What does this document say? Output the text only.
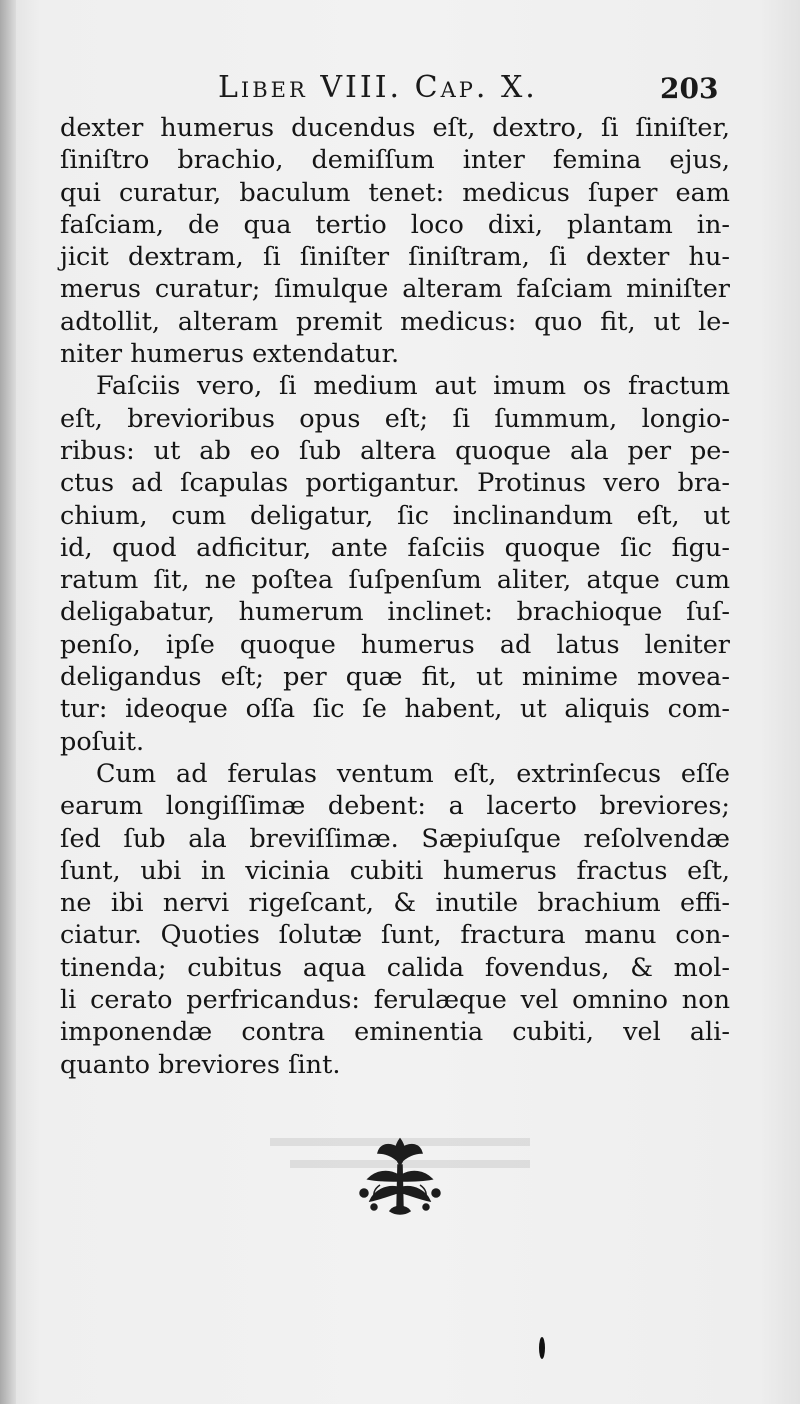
Liber VIII. Cap. X.	203
dexter humerus ducendus eſt, dextro, ſi ſiniſter,
ſiniſtro brachio, demiſſum inter femina ejus,
qui curatur, baculum tenet: medicus ſuper eam
faſciam, de qua tertio loco dixi, plantam in-
jicit dextram, ſi ſiniſter ſiniſtram, ſi dexter hu-
merus curatur; ſimulque alteram faſciam miniſter
adtollit, alteram premit medicus: quo fit, ut le-
niter humerus extendatur.
Faſciis vero, ſi medium aut imum os fractum
eſt, brevioribus opus eſt; ſi ſummum, longio-
ribus: ut ab eo ſub altera quoque ala per pe-
ctus ad ſcapulas portigantur. Protinus vero bra-
chium, cum deligatur, ſic inclinandum eſt, ut
id, quod adficitur, ante faſciis quoque ſic figu-
ratum ſit, ne poſtea ſuſpenſum aliter, atque cum
deligabatur, humerum inclinet: brachioque ſuſ-
penſo, ipſe quoque humerus ad latus leniter
deligandus eſt; per quæ fit, ut minime movea-
tur: ideoque oſſa ſic ſe habent, ut aliquis com-
poſuit.
Cum ad ferulas ventum eſt, extrinſecus eſſe
earum longiſſimæ debent: a lacerto breviores;
ſed ſub ala breviſſimæ. Sæpiuſque reſolvendæ
ſunt, ubi in vicinia cubiti humerus fractus eſt,
ne ibi nervi rigeſcant, & inutile brachium effi-
ciatur. Quoties ſolutæ ſunt, fractura manu con-
tinenda; cubitus aqua calida fovendus, & mol-
li cerato perfricandus: ferulæque vel omnino non
imponendæ contra eminentia cubiti, vel ali-
quanto breviores ſint.
